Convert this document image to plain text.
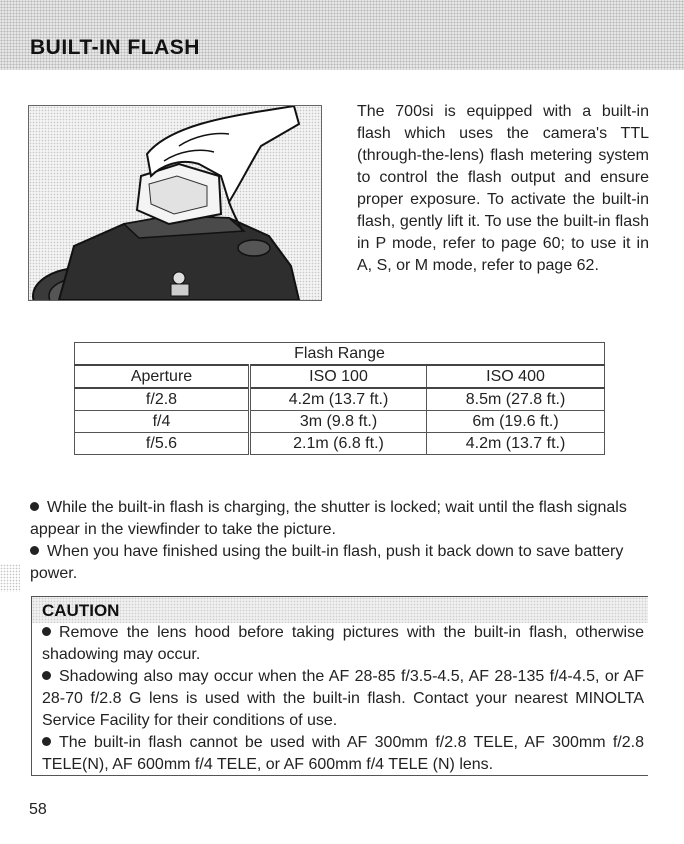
BUILT-IN FLASH

The 700si is equipped with a built-in flash which uses the camera's TTL (through-the-lens) flash metering system to control the flash output and ensure proper exposure. To activate the built-in flash, gently lift it. To use the built-in flash in P mode, refer to page 60; to use it in A, S, or M mode, refer to page 62.

Flash Range		
Aperture	ISO 100	ISO 400
f/2.8	4.2m (13.7 ft.)	8.5m (27.8 ft.)
f/4	3m (9.8 ft.)	6m (19.6 ft.)
f/5.6	2.1m (6.8 ft.)	4.2m (13.7 ft.)

While the built-in flash is charging, the shutter is locked; wait until the flash signals appear in the viewfinder to take the picture.

When you have finished using the built-in flash, push it back down to save battery power.

CAUTION

Remove the lens hood before taking pictures with the built-in flash, otherwise shadowing may occur.

Shadowing also may occur when the AF 28-85 f/3.5-4.5, AF 28-135 f/4-4.5, or AF 28-70 f/2.8 G lens is used with the built-in flash. Contact your nearest MINOLTA Service Facility for their conditions of use.

The built-in flash cannot be used with AF 300mm f/2.8 TELE, AF 300mm f/2.8 TELE(N), AF 600mm f/4 TELE, or AF 600mm f/4 TELE (N) lens.

58
